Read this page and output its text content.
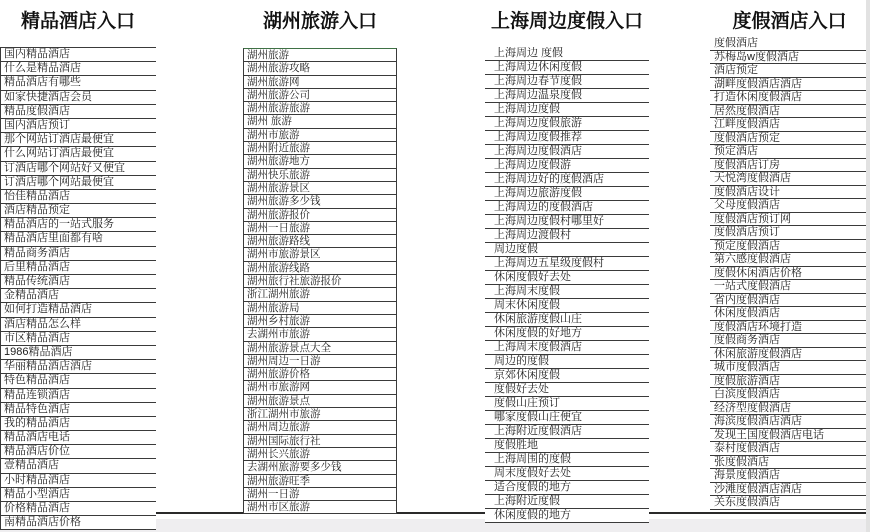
精品酒店入口
国内精品酒店
什么是精品酒店
精品酒店有哪些
如家快捷酒店会员
精品度假酒店
国内酒店预订
那个网站订酒店最便宜
什么网站订酒店最便宜
订酒店哪个网站好又便宜
订酒店哪个网站最便宜
怡佳精品酒店
酒店精品预定
精品酒店的一站式服务
精品酒店里面都有啥
精品商务酒店
后里精品酒店
精品传统酒店
金精品酒店
如何打造精品酒店
酒店精品怎么样
市区精品酒店
1986精品酒店
华丽精品酒店酒店
特色精品酒店
精品连锁酒店
精品特色酒店
我的精品酒店
精品酒店电话
精品酒店价位
壹精品酒店
小时精品酒店
精品小型酒店
价格精品酒店
南精品酒店价格
湖州旅游入口
湖州旅游
湖州旅游攻略
湖州旅游网
湖州旅游公司
湖州旅游旅游
湖州 旅游
湖州市旅游
湖州附近旅游
湖州旅游地方
湖州快乐旅游
湖州旅游景区
湖州旅游多少钱
湖州旅游报价
湖州一日旅游
湖州旅游路线
湖州市旅游景区
湖州旅游线路
湖州旅行社旅游报价
浙江湖州旅游
湖州旅游局
湖州乡村旅游
去湖州市旅游
湖州旅游景点大全
湖州周边一日游
湖州旅游价格
湖州市旅游网
湖州旅游景点
浙江湖州市旅游
湖州周边旅游
湖州国际旅行社
湖州长兴旅游
去湖州旅游要多少钱
湖州旅游旺季
湖州一日游
湖州市区旅游
上海周边度假入口
上海周边 度假
上海周边休闲度假
上海周边春节度假
上海周边温泉度假
上海周边度假
上海周边度假旅游
上海周边度假推荐
上海周边度假酒店
上海周边度假游
上海周边好的度假酒店
上海周边旅游度假
上海周边的度假酒店
上海周边度假村哪里好
上海周边渡假村
周边度假
上海周边五星级度假村
休闲度假好去处
上海周末度假
周末休闲度假
休闲旅游度假山庄
休闲度假的好地方
上海周末度假酒店
周边的度假
京郊休闲度假
度假好去处
度假山庄预订
哪家度假山庄便宜
上海附近度假酒店
度假胜地
上海周围的度假
周末度假好去处
适合度假的地方
上海附近度假
休闲度假的地方
度假酒店入口
度假酒店
苏梅岛w度假酒店
酒店预定
湖畔度假酒店酒店
打造休闲度假酒店
居然度假酒店
江畔度假酒店
度假酒店预定
预定酒店
度假酒店订房
天悦湾度假酒店
度假酒店设计
父母度假酒店
度假酒店预订网
度假酒店预订
预定度假酒店
第六感度假酒店
度假休闲酒店价格
一站式度假酒店
省内度假酒店
休闲度假酒店
度假酒店环境打造
度假商务酒店
休闲旅游度假酒店
城市度假酒店
度假旅游酒店
白滨度假酒店
经济型度假酒店
海滨度假酒店酒店
发现王国度假酒店电话
泰村度假酒店
张度假酒店
海景度假酒店
沙滩度假酒店酒店
关东度假酒店
